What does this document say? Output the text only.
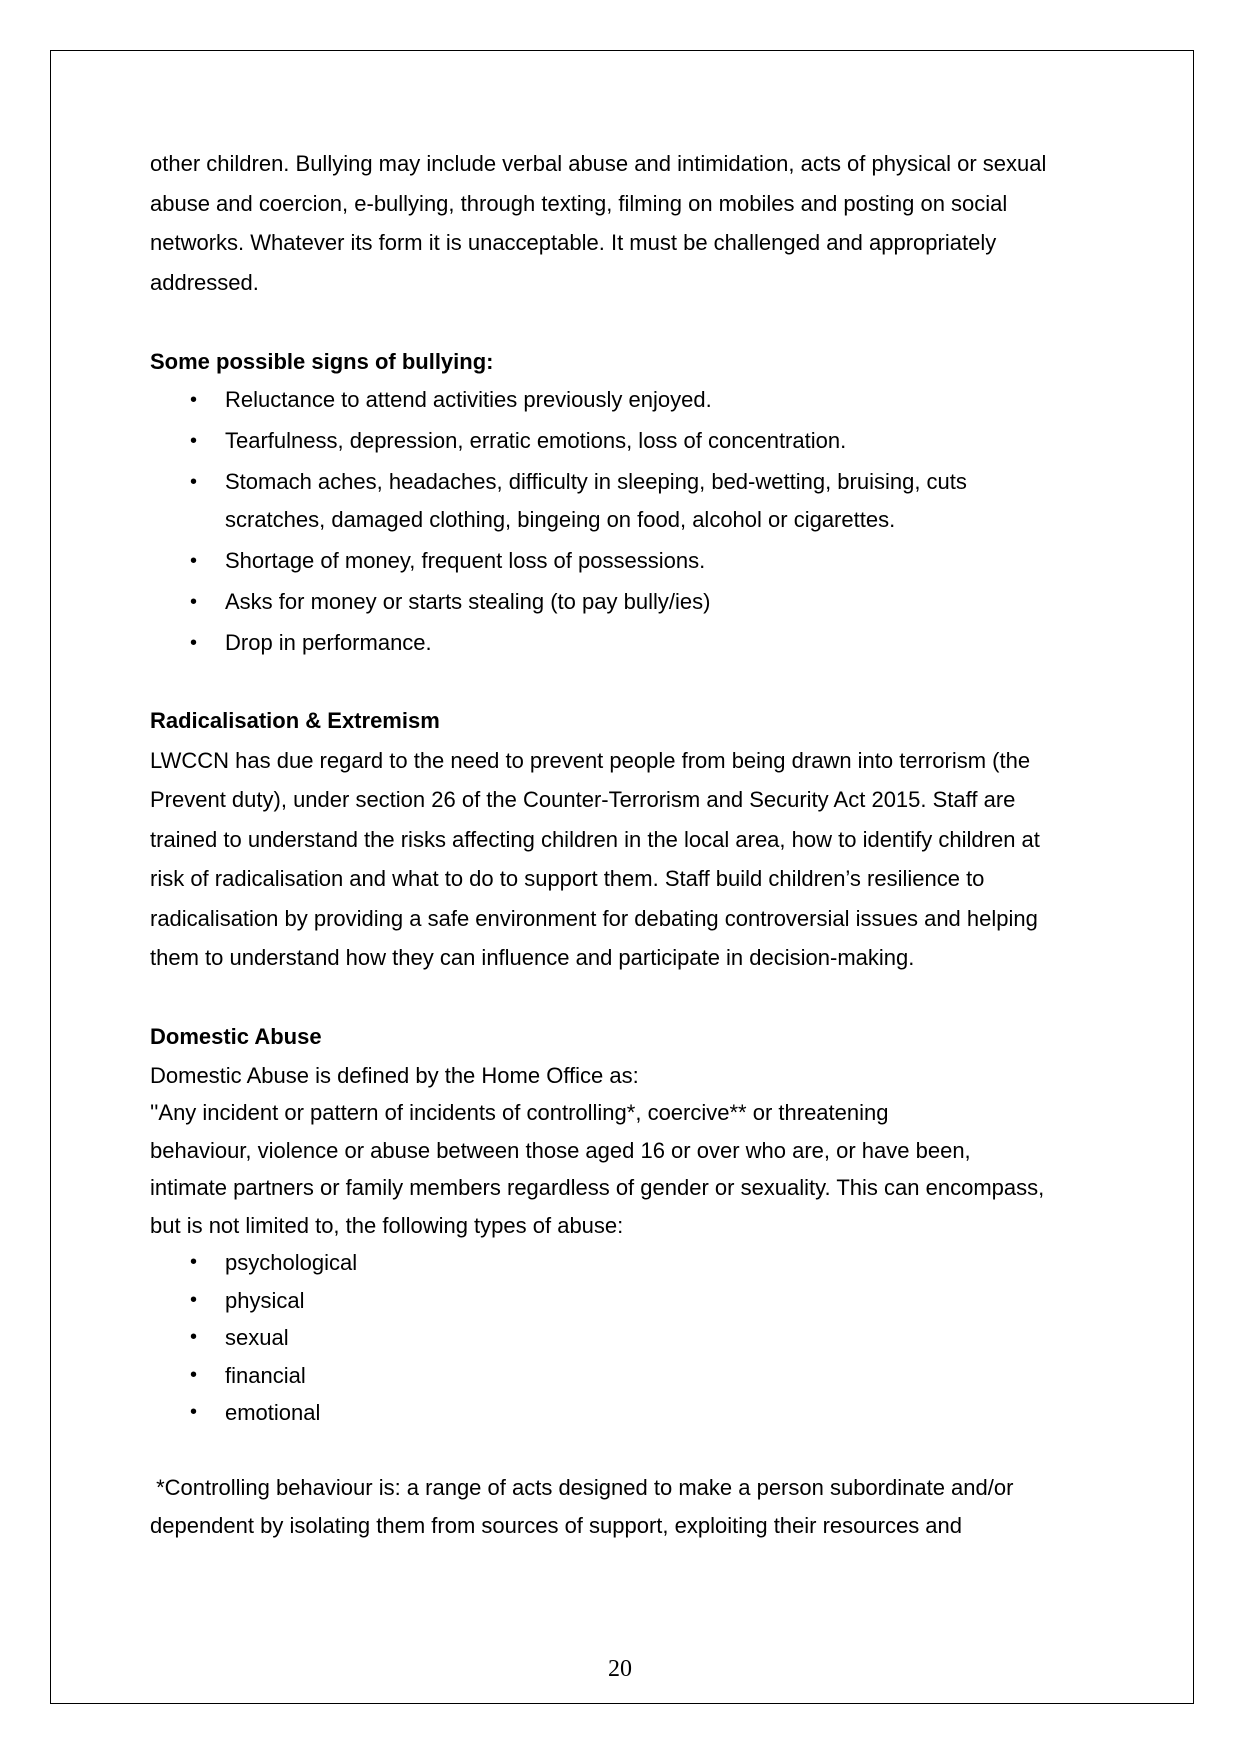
other children. Bullying may include verbal abuse and intimidation, acts of physical or sexual

abuse and coercion, e-bullying, through texting, filming on mobiles and posting on social

networks. Whatever its form it is unacceptable. It must be challenged and appropriately

addressed.

Some possible signs of bullying:
• Reluctance to attend activities previously enjoyed.
• Tearfulness, depression, erratic emotions, loss of concentration.
• Stomach aches, headaches, difficulty in sleeping, bed-wetting, bruising, cuts
scratches, damaged clothing, bingeing on food, alcohol or cigarettes.
• Shortage of money, frequent loss of possessions.
• Asks for money or starts stealing (to pay bully/ies)
• Drop in performance.
Radicalisation & Extremism

LWCCN has due regard to the need to prevent people from being drawn into terrorism (the

Prevent duty), under section 26 of the Counter-Terrorism and Security Act 2015. Staff are

trained to understand the risks affecting children in the local area, how to identify children at

risk of radicalisation and what to do to support them. Staff build children’s resilience to

radicalisation by providing a safe environment for debating controversial issues and helping

them to understand how they can influence and participate in decision-making.

Domestic Abuse

Domestic Abuse is defined by the Home Office as:

''Any incident or pattern of incidents of controlling*, coercive** or threatening

behaviour, violence or abuse between those aged 16 or over who are, or have been,

intimate partners or family members regardless of gender or sexuality. This can encompass,

but is not limited to, the following types of abuse:

• psychological
• physical
• sexual
• financial
• emotional

*Controlling behaviour is: a range of acts designed to make a person subordinate and/or

dependent by isolating them from sources of support, exploiting their resources and

20
